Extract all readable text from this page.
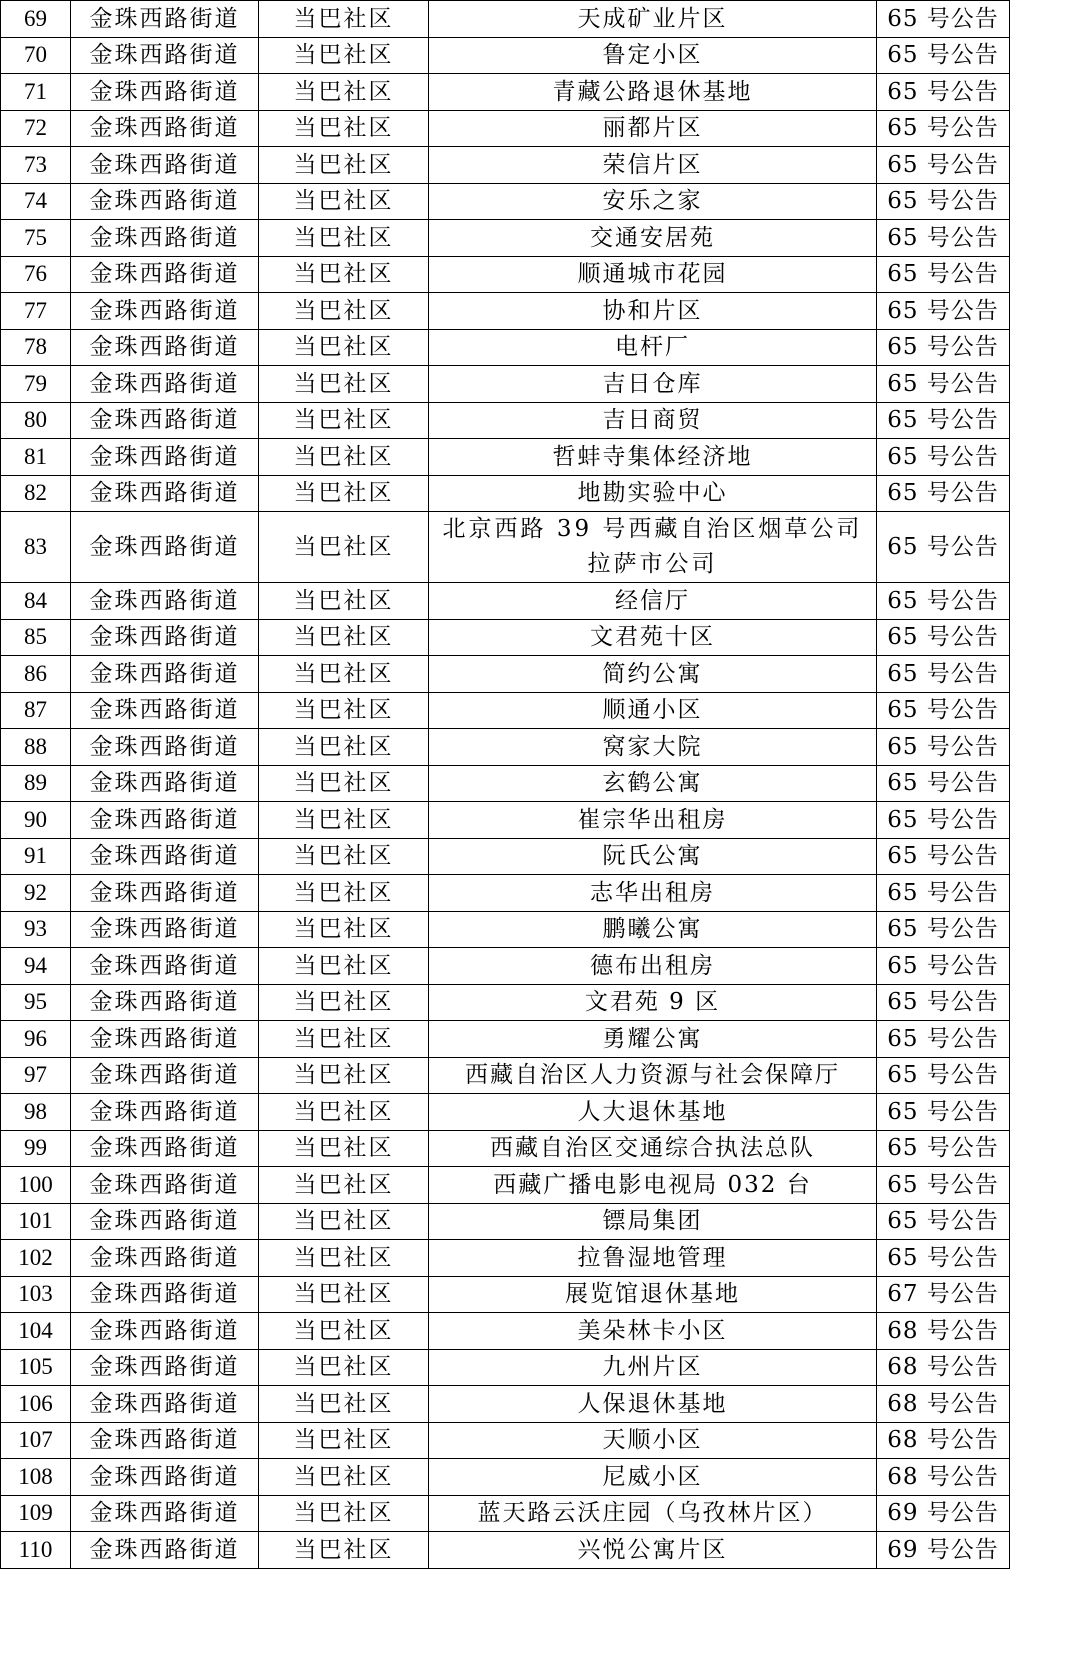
69	金珠西路街道	当巴社区	天成矿业片区	65 号公告
70	金珠西路街道	当巴社区	鲁定小区	65 号公告
71	金珠西路街道	当巴社区	青藏公路退休基地	65 号公告
72	金珠西路街道	当巴社区	丽都片区	65 号公告
73	金珠西路街道	当巴社区	荣信片区	65 号公告
74	金珠西路街道	当巴社区	安乐之家	65 号公告
75	金珠西路街道	当巴社区	交通安居苑	65 号公告
76	金珠西路街道	当巴社区	顺通城市花园	65 号公告
77	金珠西路街道	当巴社区	协和片区	65 号公告
78	金珠西路街道	当巴社区	电杆厂	65 号公告
79	金珠西路街道	当巴社区	吉日仓库	65 号公告
80	金珠西路街道	当巴社区	吉日商贸	65 号公告
81	金珠西路街道	当巴社区	哲蚌寺集体经济地	65 号公告
82	金珠西路街道	当巴社区	地勘实验中心	65 号公告
83	金珠西路街道	当巴社区	北京西路 39 号西藏自治区烟草公司拉萨市公司	65 号公告
84	金珠西路街道	当巴社区	经信厅	65 号公告
85	金珠西路街道	当巴社区	文君苑十区	65 号公告
86	金珠西路街道	当巴社区	简约公寓	65 号公告
87	金珠西路街道	当巴社区	顺通小区	65 号公告
88	金珠西路街道	当巴社区	窝家大院	65 号公告
89	金珠西路街道	当巴社区	玄鹤公寓	65 号公告
90	金珠西路街道	当巴社区	崔宗华出租房	65 号公告
91	金珠西路街道	当巴社区	阮氏公寓	65 号公告
92	金珠西路街道	当巴社区	志华出租房	65 号公告
93	金珠西路街道	当巴社区	鹏曦公寓	65 号公告
94	金珠西路街道	当巴社区	德布出租房	65 号公告
95	金珠西路街道	当巴社区	文君苑 9 区	65 号公告
96	金珠西路街道	当巴社区	勇耀公寓	65 号公告
97	金珠西路街道	当巴社区	西藏自治区人力资源与社会保障厅	65 号公告
98	金珠西路街道	当巴社区	人大退休基地	65 号公告
99	金珠西路街道	当巴社区	西藏自治区交通综合执法总队	65 号公告
100	金珠西路街道	当巴社区	西藏广播电影电视局 032 台	65 号公告
101	金珠西路街道	当巴社区	镖局集团	65 号公告
102	金珠西路街道	当巴社区	拉鲁湿地管理	65 号公告
103	金珠西路街道	当巴社区	展览馆退休基地	67 号公告
104	金珠西路街道	当巴社区	美朵林卡小区	68 号公告
105	金珠西路街道	当巴社区	九州片区	68 号公告
106	金珠西路街道	当巴社区	人保退休基地	68 号公告
107	金珠西路街道	当巴社区	天顺小区	68 号公告
108	金珠西路街道	当巴社区	尼威小区	68 号公告
109	金珠西路街道	当巴社区	蓝天路云沃庄园（乌孜林片区）	69 号公告
110	金珠西路街道	当巴社区	兴悦公寓片区	69 号公告
